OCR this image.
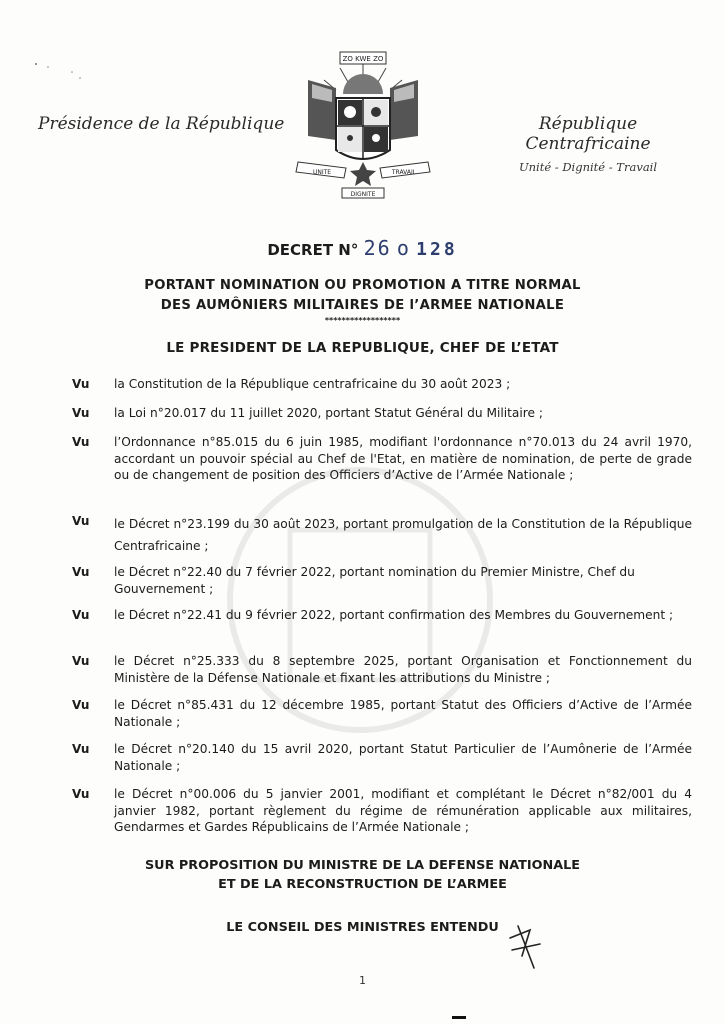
Présidence de la République
ZO KWE ZO
UNITE	TRAVAIL
DIGNITE
République Centrafricaine
Unité - Dignité - Travail
DECRET N° 26 o 128
PORTANT NOMINATION OU PROMOTION A TITRE NORMAL
DES AUMÔNIERS MILITAIRES DE l’ARMEE NATIONALE
******************
LE PRESIDENT DE LA REPUBLIQUE, CHEF DE L’ETAT
Vu la Constitution de la République centrafricaine du 30 août 2023 ;
Vu la Loi n°20.017 du 11 juillet 2020, portant Statut Général du Militaire ;
Vu l’Ordonnance n°85.015 du 6 juin 1985, modifiant l'ordonnance n°70.013 du 24 avril 1970, accordant un pouvoir spécial au Chef de l'Etat, en matière de nomination, de perte de grade ou de changement de position des Officiers d’Active de l’Armée Nationale ;
Vu le Décret n°23.199 du 30 août 2023, portant promulgation de la Constitution de la République Centrafricaine ;
Vu le Décret n°22.40 du 7 février 2022, portant nomination du Premier Ministre, Chef du Gouvernement ;
Vu le Décret n°22.41 du 9 février 2022, portant confirmation des Membres du Gouvernement ;
Vu le Décret n°25.333 du 8 septembre 2025, portant Organisation et Fonctionnement du Ministère de la Défense Nationale et fixant les attributions du Ministre ;
Vu le Décret n°85.431 du 12 décembre 1985, portant Statut des Officiers d’Active de l’Armée Nationale ;
Vu le Décret n°20.140 du 15 avril 2020, portant Statut Particulier de l’Aumônerie de l’Armée Nationale ;
Vu le Décret n°00.006 du 5 janvier 2001, modifiant et complétant le Décret n°82/001 du 4 janvier 1982, portant règlement du régime de rémunération applicable aux militaires, Gendarmes et Gardes Républicains de l’Armée Nationale ;
SUR PROPOSITION DU MINISTRE DE LA DEFENSE NATIONALE
ET DE LA RECONSTRUCTION DE L’ARMEE
LE CONSEIL DES MINISTRES ENTENDU
1
